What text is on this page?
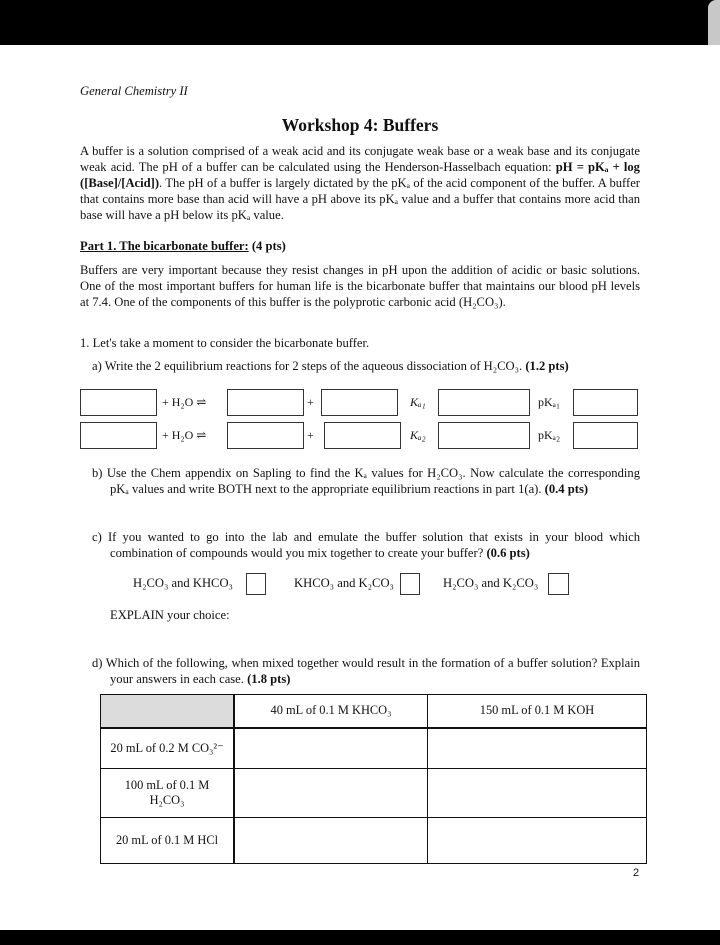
General Chemistry II
Workshop 4: Buffers
A buffer is a solution comprised of a weak acid and its conjugate weak base or a weak base and its conjugate weak acid. The pH of a buffer can be calculated using the Henderson-Hasselbach equation: pH = pKₐ + log ([Base]/[Acid]). The pH of a buffer is largely dictated by the pKₐ of the acid component of the buffer. A buffer that contains more base than acid will have a pH above its pKₐ value and a buffer that contains more acid than base will have a pH below its pKₐ value.
Part 1. The bicarbonate buffer: (4 pts)
Buffers are very important because they resist changes in pH upon the addition of acidic or basic solutions. One of the most important buffers for human life is the bicarbonate buffer that maintains our blood pH levels at 7.4. One of the components of this buffer is the polyprotic carbonic acid (H₂CO₃).
1. Let's take a moment to consider the bicarbonate buffer.
a) Write the 2 equilibrium reactions for 2 steps of the aqueous dissociation of H₂CO₃. (1.2 pts)
+ H₂O ⇌	+	Kₐ₁	pKₐ₁
+ H₂O ⇌	+	Kₐ₂	pKₐ₂
b) Use the Chem appendix on Sapling to find the Kₐ values for H₂CO₃. Now calculate the corresponding pKₐ values and write BOTH next to the appropriate equilibrium reactions in part 1(a). (0.4 pts)
c) If you wanted to go into the lab and emulate the buffer solution that exists in your blood which combination of compounds would you mix together to create your buffer? (0.6 pts)
H₂CO₃ and KHCO₃	KHCO₃ and K₂CO₃	H₂CO₃ and K₂CO₃
EXPLAIN your choice:
d) Which of the following, when mixed together would result in the formation of a buffer solution? Explain your answers in each case. (1.8 pts)
	40 mL of 0.1 M KHCO₃	150 mL of 0.1 M KOH
20 mL of 0.2 M CO₃²⁻		
100 mL of 0.1 M H₂CO₃		
20 mL of 0.1 M HCl		
2
